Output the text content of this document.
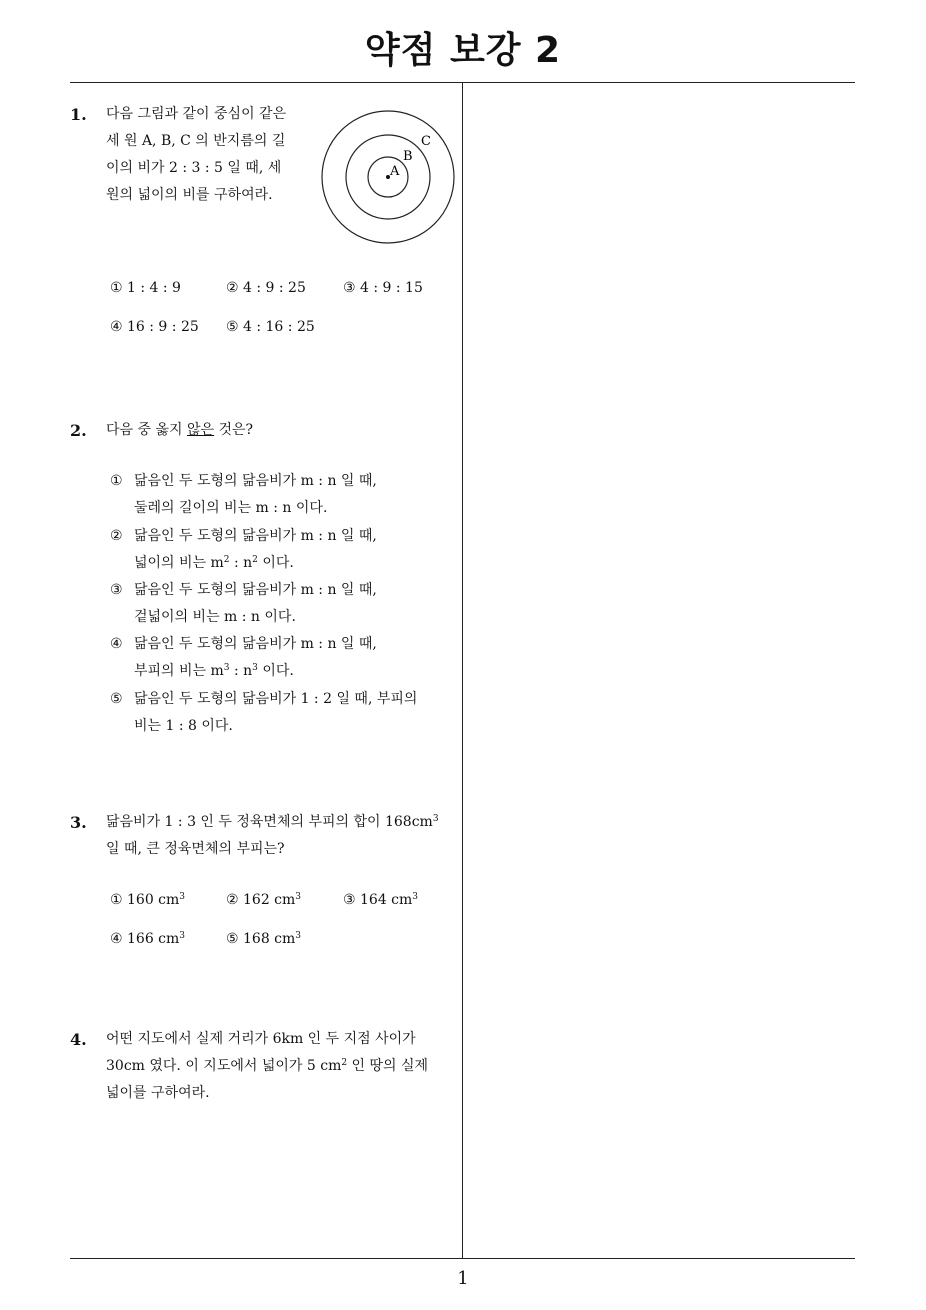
약점 보강 2
1
1. 다음 그림과 같이 중심이 같은
세 원 A, B, C 의 반지름의 길
이의 비가 2 : 3 : 5 일 때, 세
원의 넓이의 비를 구하여라.
① 1 : 4 : 9	② 4 : 9 : 25	③ 4 : 9 : 15
④ 16 : 9 : 25 ⑤ 4 : 16 : 25
A
B
C
2. 다음 중 옳지 않은 것은?
① 닮음인 두 도형의 닮음비가 m : n 일 때,
둘레의 길이의 비는 m : n 이다.
② 닮음인 두 도형의 닮음비가 m : n 일 때,
넓이의 비는 $m^2$ : $n^2$ 이다.
③ 닮음인 두 도형의 닮음비가 m : n 일 때,
겉넓이의 비는 m : n 이다.
④ 닮음인 두 도형의 닮음비가 m : n 일 때,
부피의 비는 $m^3$ : $n^3$ 이다.
⑤ 닮음인 두 도형의 닮음비가 1 : 2 일 때, 부피의
비는 1 : 8 이다.
3. 닮음비가 1 : 3 인 두 정육면체의 부피의 합이 $168cm^3$
일 때, 큰 정육면체의 부피는?
① 160 $cm^3$	② 162 $cm^3$	③ 164 $cm^3$
④ 166 $cm^3$	⑤ 168 $cm^3$
4. 어떤 지도에서 실제 거리가 6km 인 두 지점 사이가
30cm 였다. 이 지도에서 넓이가 5 $cm^2$ 인 땅의 실제
넓이를 구하여라.
